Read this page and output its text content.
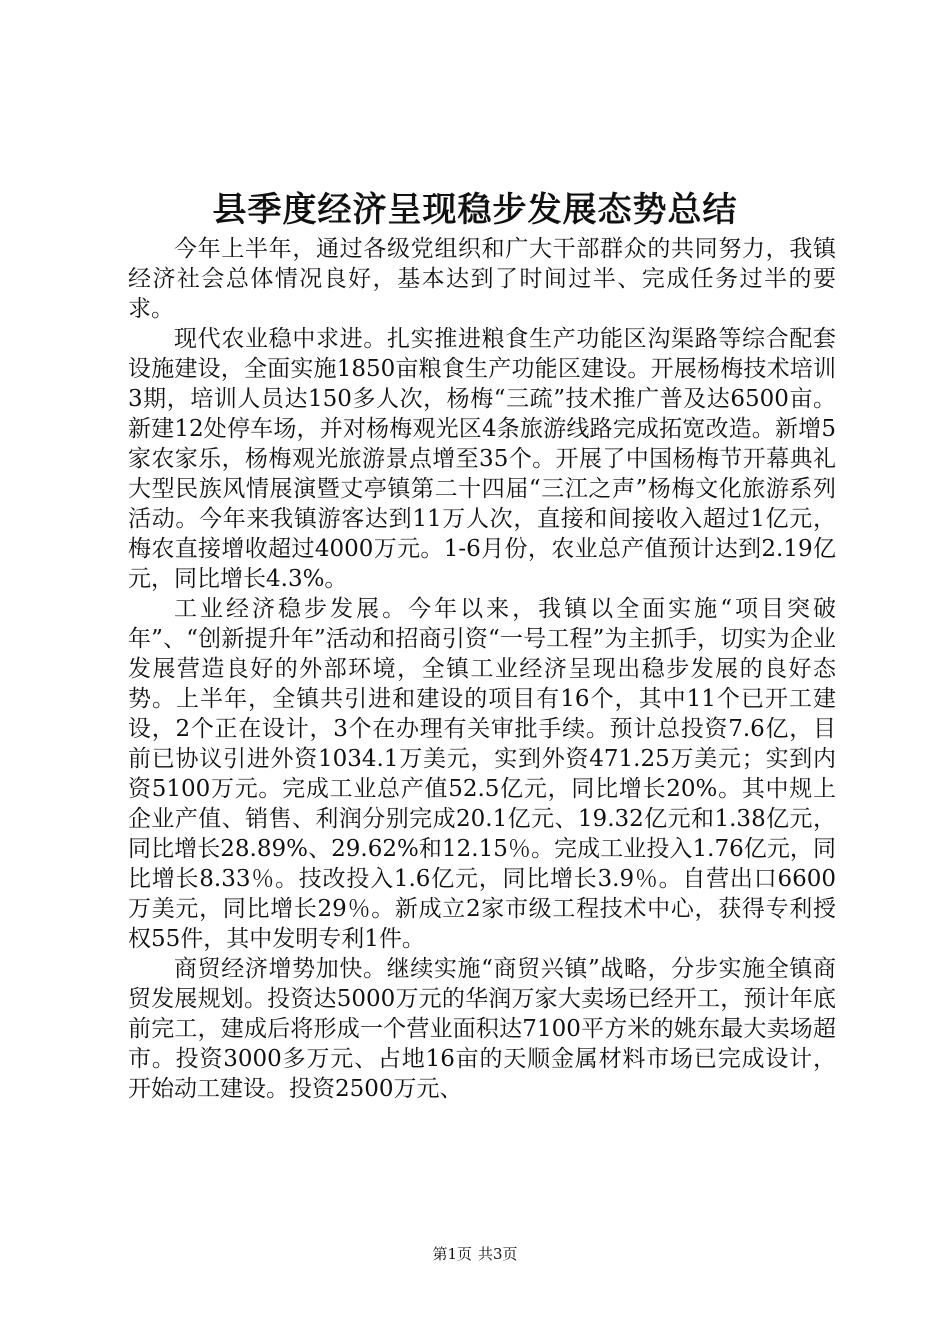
县季度经济呈现稳步发展态势总结

今年上半年，通过各级党组织和广大干部群众的共同努力，我镇经济社会总体情况良好，基本达到了时间过半、完成任务过半的要求。

现代农业稳中求进。扎实推进粮食生产功能区沟渠路等综合配套设施建设，全面实施1850亩粮食生产功能区建设。开展杨梅技术培训3期，培训人员达150多人次，杨梅“三疏”技术推广普及达6500亩。新建12处停车场，并对杨梅观光区4条旅游线路完成拓宽改造。新增5家农家乐，杨梅观光旅游景点增至35个。开展了中国杨梅节开幕典礼大型民族风情展演暨丈亭镇第二十四届“三江之声”杨梅文化旅游系列活动。今年来我镇游客达到11万人次，直接和间接收入超过1亿元，梅农直接增收超过4000万元。1-6月份，农业总产值预计达到2.19亿元，同比增长4.3%。

工业经济稳步发展。今年以来，我镇以全面实施“项目突破年”、“创新提升年”活动和招商引资“一号工程”为主抓手，切实为企业发展营造良好的外部环境，全镇工业经济呈现出稳步发展的良好态势。上半年，全镇共引进和建设的项目有16个，其中11个已开工建设，2个正在设计，3个在办理有关审批手续。预计总投资7.6亿，目前已协议引进外资1034.1万美元，实到外资471.25万美元；实到内资5100万元。完成工业总产值52.5亿元，同比增长20%。其中规上企业产值、销售、利润分别完成20.1亿元、19.32亿元和1.38亿元，同比增长28.89%、29.62%和12.15％。完成工业投入1.76亿元，同比增长8.33％。技改投入1.6亿元，同比增长3.9％。自营出口6600万美元，同比增长29％。新成立2家市级工程技术中心，获得专利授权55件，其中发明专利1件。

商贸经济增势加快。继续实施“商贸兴镇”战略，分步实施全镇商贸发展规划。投资达5000万元的华润万家大卖场已经开工，预计年底前完工，建成后将形成一个营业面积达7100平方米的姚东最大卖场超市。投资3000多万元、占地16亩的天顺金属材料市场已完成设计，开始动工建设。投资2500万元、

第1页 共3页
